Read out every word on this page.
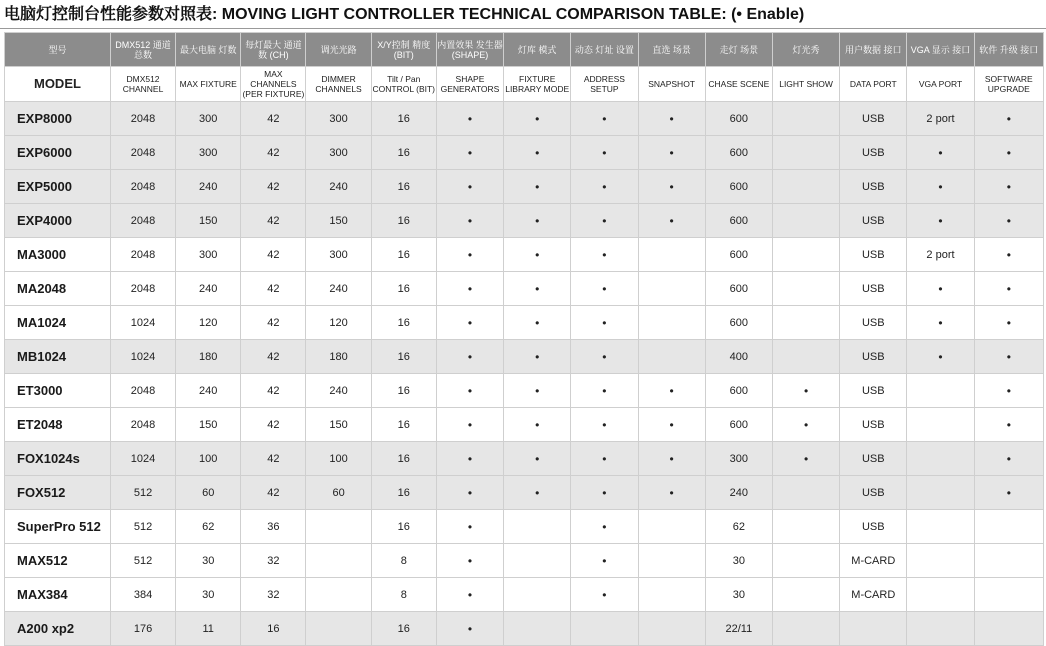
电脑灯控制台性能参数对照表: MOVING LIGHT CONTROLLER TECHNICAL COMPARISON TABLE: (• Enable)
型号	DMX512 通道总数	最大电脑 灯数	每灯最大 通道数 (CH)	调光光路	X/Y控制 精度 (BIT)	内置效果 发生器 (SHAPE)	灯库 模式	动态 灯址 设置	直选 场景	走灯 场景	灯光秀	用户数据 接口	VGA 显示 接口	软件 升级 接口
MODEL	DMX512 CHANNEL	MAX FIXTURE	MAX CHANNELS (PER FIXTURE)	DIMMER CHANNELS	Tilt / Pan CONTROL (BIT)	SHAPE GENERATORS	FIXTURE LIBRARY MODE	ADDRESS SETUP	SNAPSHOT	CHASE SCENE	LIGHT SHOW	DATA PORT	VGA PORT	SOFTWARE UPGRADE
EXP8000	2048	300	42	300	16	•	•	•	•	600		USB	2 port	•
EXP6000	2048	300	42	300	16	•	•	•	•	600		USB	•	•
EXP5000	2048	240	42	240	16	•	•	•	•	600		USB	•	•
EXP4000	2048	150	42	150	16	•	•	•	•	600		USB	•	•
MA3000	2048	300	42	300	16	•	•	•		600		USB	2 port	•
MA2048	2048	240	42	240	16	•	•	•		600		USB	•	•
MA1024	1024	120	42	120	16	•	•	•		600		USB	•	•
MB1024	1024	180	42	180	16	•	•	•		400		USB	•	•
ET3000	2048	240	42	240	16	•	•	•	•	600	•	USB		•
ET2048	2048	150	42	150	16	•	•	•	•	600	•	USB		•
FOX1024s	1024	100	42	100	16	•	•	•	•	300	•	USB		•
FOX512	512	60	42	60	16	•	•	•	•	240		USB		•
SuperPro 512	512	62	36		16	•		•		62		USB		
MAX512	512	30	32		8	•		•		30		M-CARD		
MAX384	384	30	32		8	•		•		30		M-CARD		
A200 xp2	176	11	16		16	•				22/11				
